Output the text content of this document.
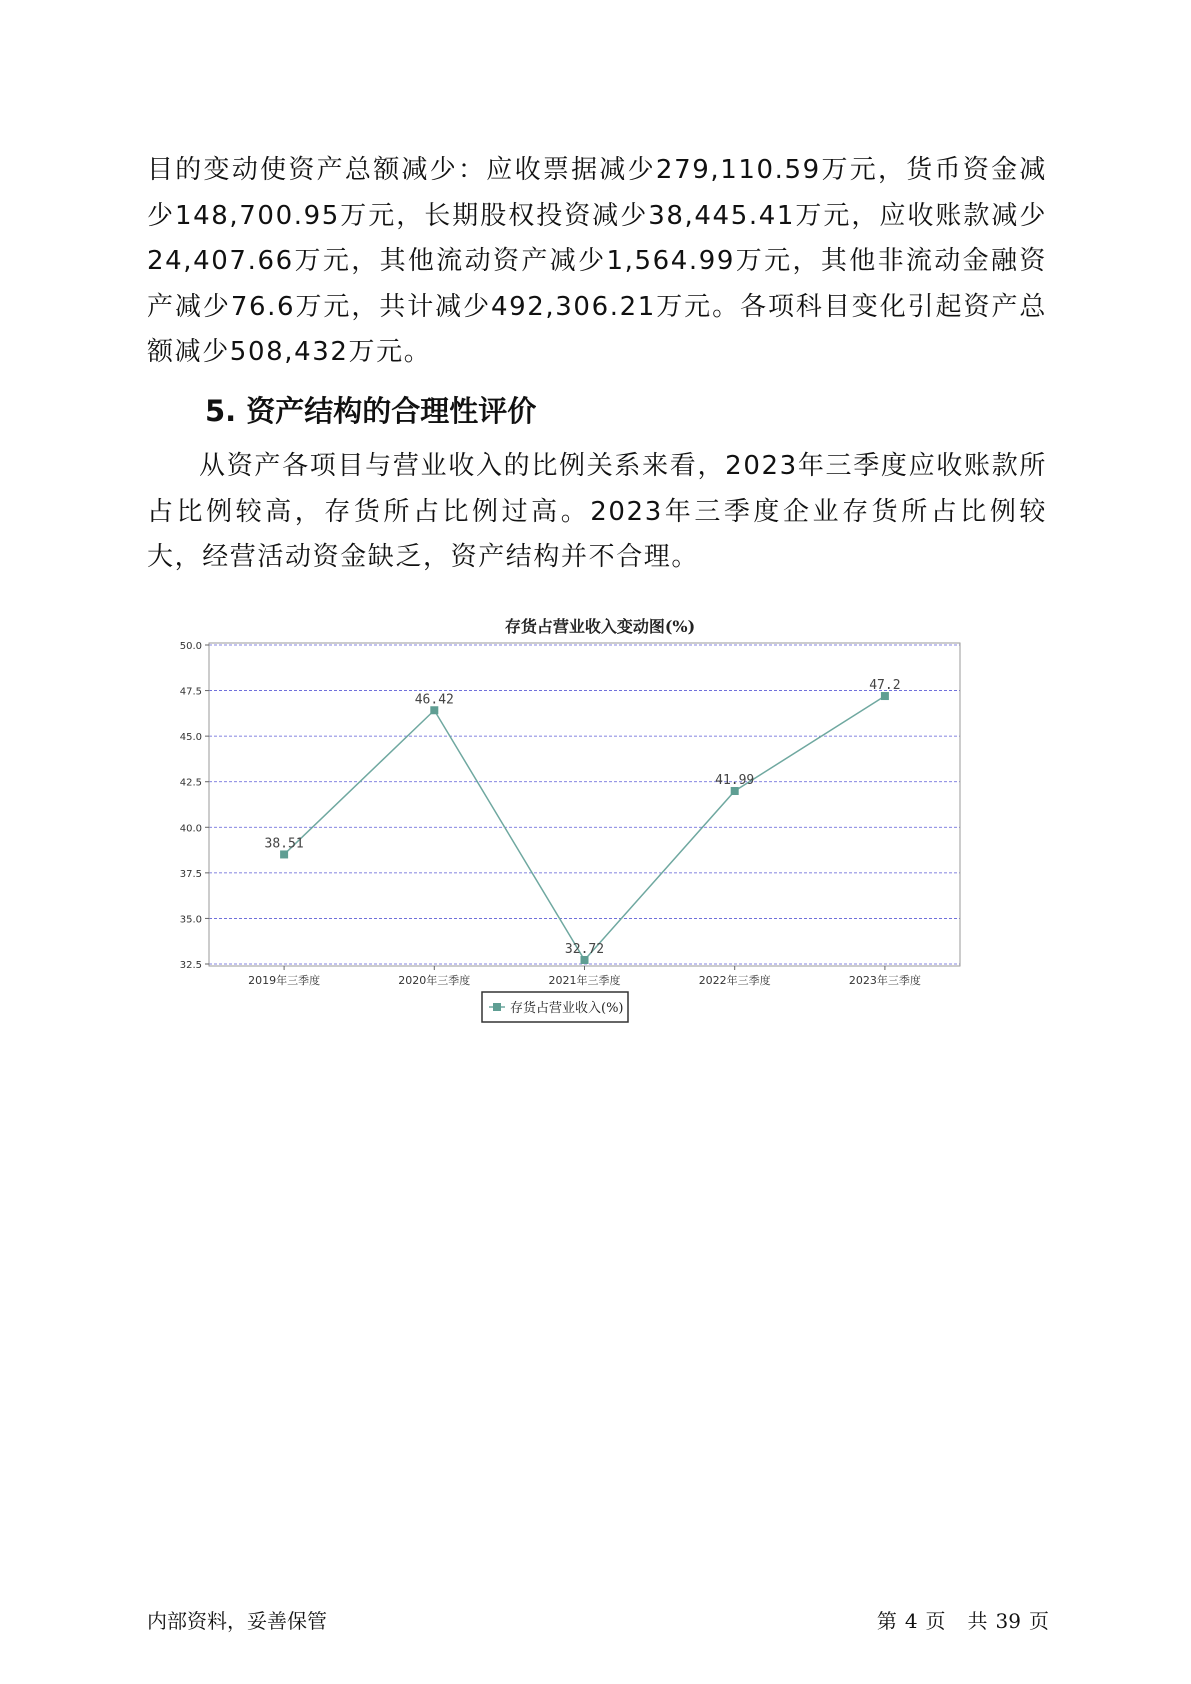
目的变动使资产总额减少：应收票据减少279,110.59万元，货币资金减少148,700.95万元，长期股权投资减少38,445.41万元，应收账款减少24,407.66万元，其他流动资产减少1,564.99万元，其他非流动金融资产减少76.6万元，共计减少492,306.21万元。各项科目变化引起资产总额减少508,432万元。

5. 资产结构的合理性评价

从资产各项目与营业收入的比例关系来看，2023年三季度应收账款所占比例较高，存货所占比例过高。2023年三季度企业存货所占比例较大，经营活动资金缺乏，资产结构并不合理。

存货占营业收入变动图(%)
32.5
35.0
37.5
40.0
42.5
45.0
47.5
50.0
2019年三季度	2020年三季度	2021年三季度	2022年三季度	2023年三季度
38.51
46.42
32.72
41.99
47.2
存货占营业收入(%)
内部资料，妥善保管	第 4 页 共 39 页
